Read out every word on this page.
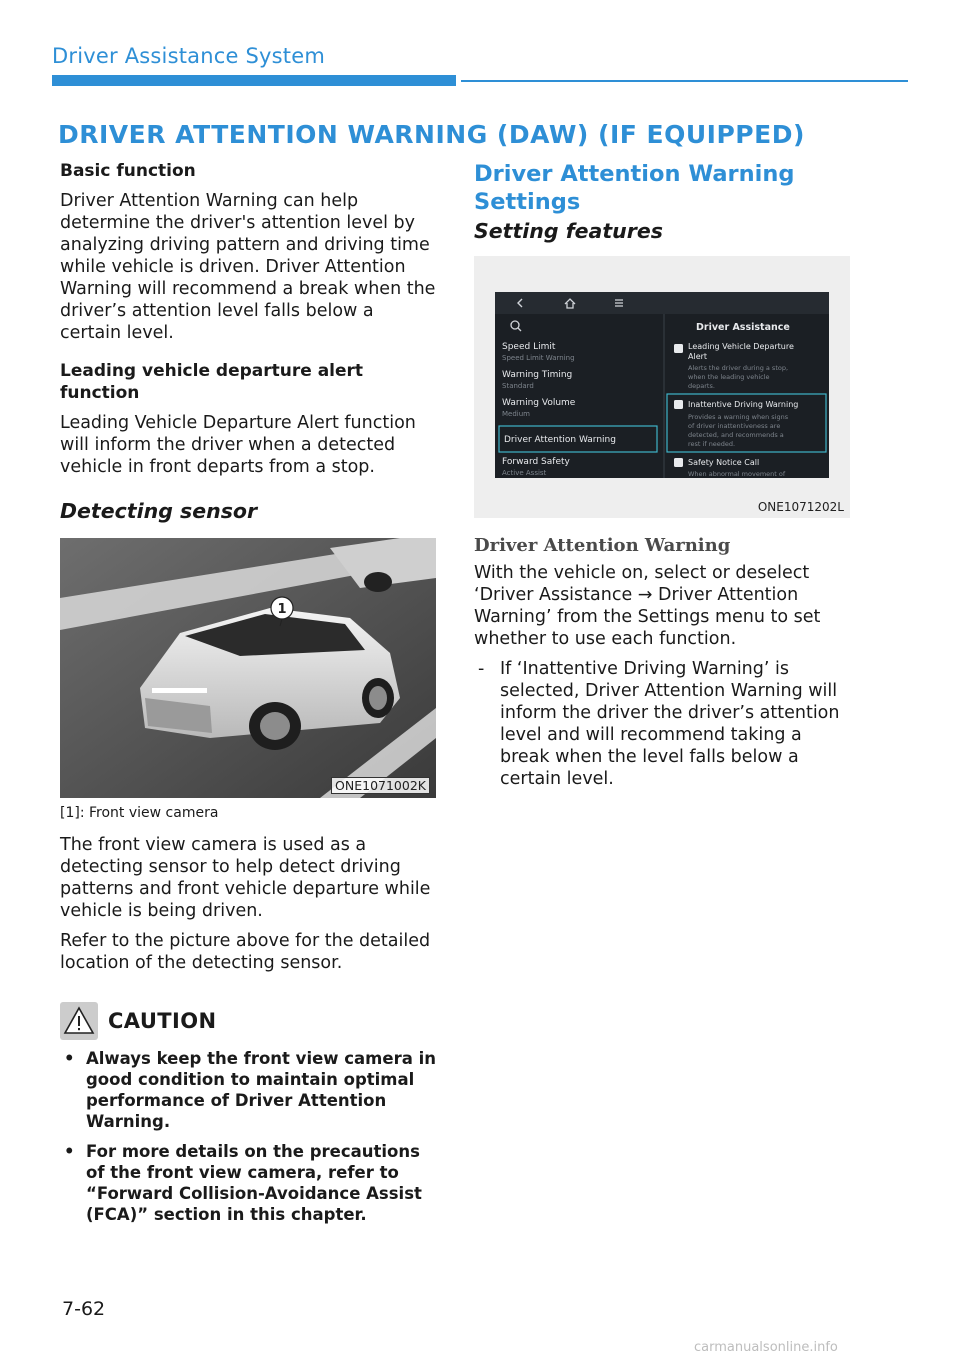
Driver Assistance System
DRIVER ATTENTION WARNING (DAW) (IF EQUIPPED)
Basic function

Driver Attention Warning can help determine the driver's attention level by analyzing driving pattern and driving time while vehicle is driven. Driver Attention Warning will recommend a break when the driver’s attention level falls below a certain level.

Leading vehicle departure alert function

Leading Vehicle Departure Alert function will inform the driver when a detected vehicle in front departs from a stop.

Detecting sensor
1
ONE1071002K
[1]: Front view camera

The front view camera is used as a detecting sensor to help detect driving patterns and front vehicle departure while vehicle is being driven.

Refer to the picture above for the detailed location of the detecting sensor.

CAUTION
• Always keep the front view camera in good condition to maintain optimal performance of Driver Attention Warning.
• For more details on the precautions of the front view camera, refer to “Forward Collision-Avoidance Assist (FCA)” section in this chapter.
Driver Attention Warning Settings
Setting features
Speed Limit
Speed Limit Warning
Warning Timing
Standard
Warning Volume
Medium
Driver Attention Warning
Forward Safety
Active Assist
Driver Assistance
Leading Vehicle Departure
Alert
Alerts the driver during a stop,
when the leading vehicle
departs.
Inattentive Driving Warning
Provides a warning when signs
of driver inattentiveness are
detected, and recommends a
rest if needed.
Safety Notice Call
When abnormal movement of
ONE1071202L
Driver Attention Warning

With the vehicle on, select or deselect ‘Driver Assistance → Driver Attention Warning’ from the Settings menu to set whether to use each function.

- If ‘Inattentive Driving Warning’ is selected, Driver Attention Warning will inform the driver the driver’s attention level and will recommend taking a break when the level falls below a certain level.
7-62
carmanualsonline.info
